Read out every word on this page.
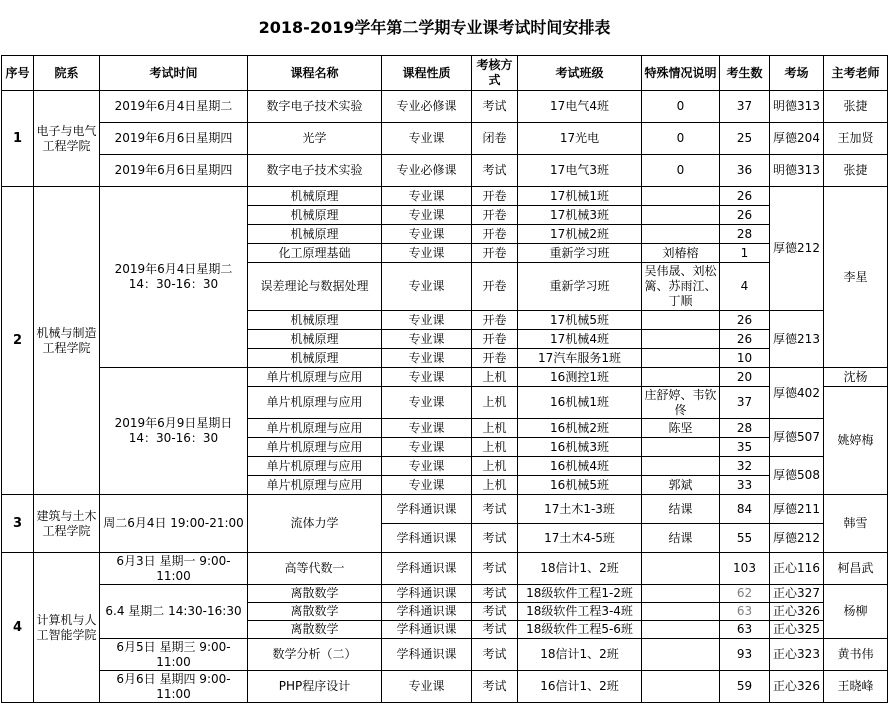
2018-2019学年第二学期专业课考试时间安排表
序号	院系	考试时间	课程名称	课程性质	考核方式	考试班级	特殊情况说明	考生数	考场	主考老师
1	电子与电气工程学院	2019年6月4日星期二	数字电子技术实验	专业必修课	考试	17电气4班	0	37	明德313	张捷
		2019年6月6日星期四	光学	专业课	闭卷	17光电	0	25	厚德204	王加贤
		2019年6月6日星期四	数字电子技术实验	专业必修课	考试	17电气3班	0	36	明德313	张捷
2	机械与制造工程学院	2019年6月4日星期二 14：30-16：30	机械原理	专业课	开卷	17机械1班		26	厚德212	李星
			机械原理	专业课	开卷	17机械3班		26		
			机械原理	专业课	开卷	17机械2班		28		
			化工原理基础	专业课	开卷	重新学习班	刘椿榕	1		
			误差理论与数据处理	专业课	开卷	重新学习班	吴伟晟、刘松篱、苏雨江、丁顺	4		
			机械原理	专业课	开卷	17机械5班		26	厚德213	
			机械原理	专业课	开卷	17机械4班		26		
			机械原理	专业课	开卷	17汽车服务1班		10		
		2019年6月9日星期日 14：30-16：30	单片机原理与应用	专业课	上机	16测控1班		20	厚德402	沈杨
			单片机原理与应用	专业课	上机	16机械1班	庄舒婷、韦钦佟	37		姚婷梅
			单片机原理与应用	专业课	上机	16机械2班	陈坚	28	厚德507	
			单片机原理与应用	专业课	上机	16机械3班		35		
			单片机原理与应用	专业课	上机	16机械4班		32	厚德508	
			单片机原理与应用	专业课	上机	16机械5班	郭斌	33		
3	建筑与土木工程学院	周二6月4日 19:00-21:00	流体力学	学科通识课	考试	17土木1-3班	结课	84	厚德211	韩雪
				学科通识课	考试	17土木4-5班	结课	55	厚德212	
4	计算机与人工智能学院	6月3日 星期一 9:00-11:00	高等代数一	学科通识课	考试	18信计1、2班		103	正心116	柯昌武
		6.4 星期二 14:30-16:30	离散数学	学科通识课	考试	18级软件工程1-2班		62	正心327	杨柳
			离散数学	学科通识课	考试	18级软件工程3-4班		63	正心326	
			离散数学	学科通识课	考试	18级软件工程5-6班		63	正心325	
		6月5日 星期三 9:00-11:00	数学分析（二）	学科通识课	考试	18信计1、2班		93	正心323	黄书伟
		6月6日 星期四 9:00-11:00	PHP程序设计	专业课	考试	16信计1、2班		59	正心326	王晓峰
